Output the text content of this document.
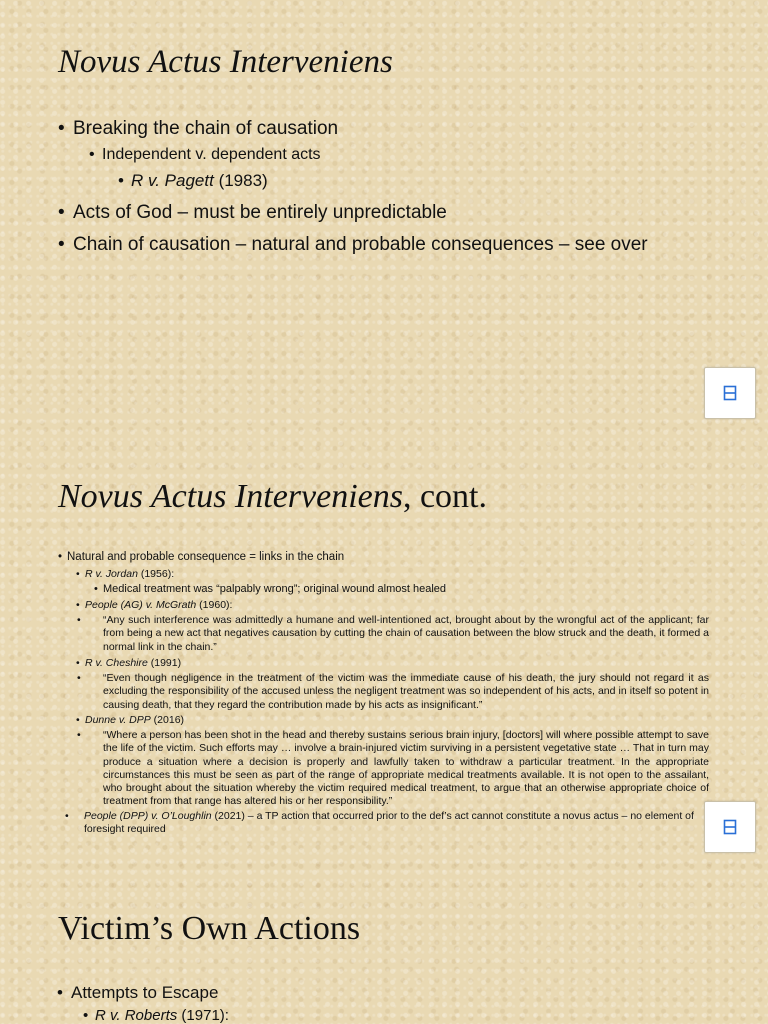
Novus Actus Interveniens
• Breaking the chain of causation
• Independent v. dependent acts
• R v. Pagett (1983)
• Acts of God – must be entirely unpredictable
• Chain of causation – natural and probable consequences – see over
Novus Actus Interveniens, cont.
• Natural and probable consequence = links in the chain
• R v. Jordan (1956):
• Medical treatment was “palpably wrong”; original wound almost healed
• People (AG) v. McGrath (1960):
• “Any such interference was admittedly a humane and well-intentioned act, brought about by the wrongful act of the applicant; far from being a new act that negatives causation by cutting the chain of causation between the blow struck and the death, it formed a normal link in the chain.”

• R v. Cheshire (1991)
• “Even though negligence in the treatment of the victim was the immediate cause of his death, the jury should not regard it as excluding the responsibility of the accused unless the negligent treatment was so independent of his acts, and in itself so potent in causing death, that they regard the contribution made by his acts as insignificant.”

• Dunne v. DPP (2016)
• “Where a person has been shot in the head and thereby sustains serious brain injury, [doctors] will where possible attempt to save the life of the victim. Such efforts may … involve a brain-injured victim surviving in a persistent vegetative state … That in turn may produce a situation where a decision is properly and lawfully taken to withdraw a particular treatment. In the appropriate circumstances this must be seen as part of the range of appropriate medical treatments available. It is not open to the assailant, who brought about the situation whereby the victim required medical treatment, to argue that an otherwise appropriate choice of treatment from that range has altered his or her responsibility.”

• People (DPP) v. O’Loughlin (2021) – a TP action that occurred prior to the def’s act cannot constitute a novus actus – no element of foresight required

Victim’s Own Actions
• Attempts to Escape
• R v. Roberts (1971):
